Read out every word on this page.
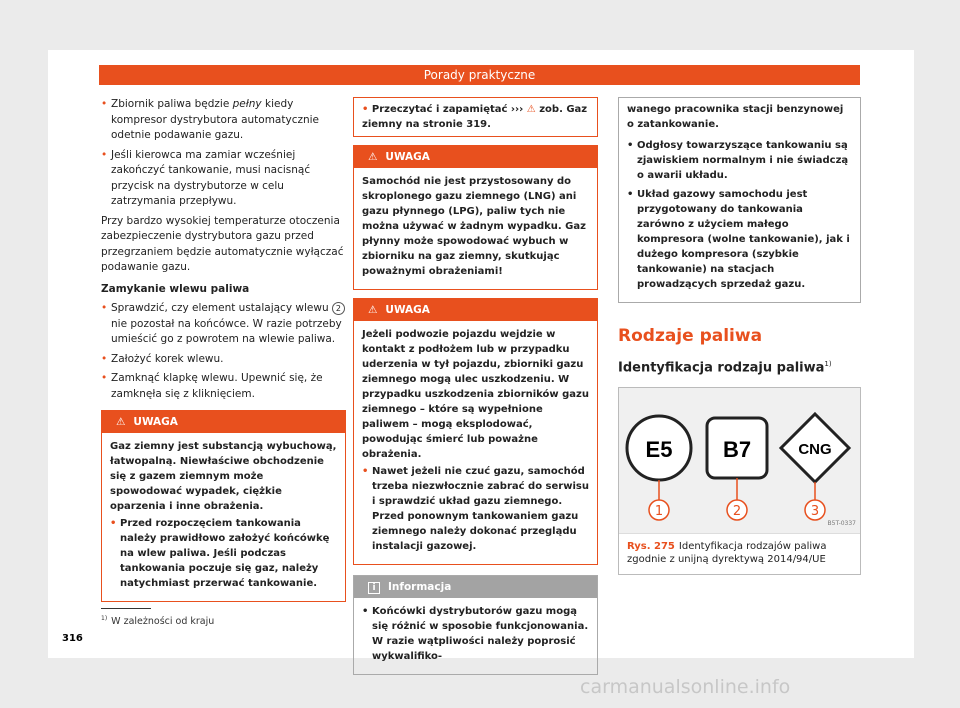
Porady praktyczne

• Zbiornik paliwa będzie pełny kiedy kompresor dystrybutora automatycznie odetnie podawanie gazu.

• Jeśli kierowca ma zamiar wcześniej zakończyć tankowanie, musi nacisnąć przycisk na dystrybutorze w celu zatrzymania przepływu.

Przy bardzo wysokiej temperaturze otoczenia zabezpieczenie dystrybutora gazu przed przegrzaniem będzie automatycznie wyłączać podawanie gazu.

Zamykanie wlewu paliwa

• Sprawdzić, czy element ustalający wlewu 2 nie pozostał na końcówce. W razie potrzeby umieścić go z powrotem na wlewie paliwa.

• Założyć korek wlewu.

• Zamknąć klapkę wlewu. Upewnić się, że zamknęła się z kliknięciem.

⚠ UWAGA

Gaz ziemny jest substancją wybuchową, łatwopalną. Niewłaściwe obchodzenie się z gazem ziemnym może spowodować wypadek, ciężkie oparzenia i inne obrażenia.

• Przed rozpoczęciem tankowania należy prawidłowo założyć końcówkę na wlew paliwa. Jeśli podczas tankowania poczuje się gaz, należy natychmiast przerwać tankowanie.

• Przeczytać i zapamiętać ››› ⚠ zob. Gaz ziemny na stronie 319.
⚠ UWAGA

Samochód nie jest przystosowany do skroplonego gazu ziemnego (LNG) ani gazu płynnego (LPG), paliw tych nie można używać w żadnym wypadku. Gaz płynny może spowodować wybuch w zbiorniku na gaz ziemny, skutkując poważnymi obrażeniami!

⚠ UWAGA

Jeżeli podwozie pojazdu wejdzie w kontakt z podłożem lub w przypadku uderzenia w tył pojazdu, zbiorniki gazu ziemnego mogą ulec uszkodzeniu. W przypadku uszkodzenia zbiorników gazu ziemnego – które są wypełnione paliwem – mogą eksplodować, powodując śmierć lub poważne obrażenia.

• Nawet jeżeli nie czuć gazu, samochód trzeba niezwłocznie zabrać do serwisu i sprawdzić układ gazu ziemnego. Przed ponownym tankowaniem gazu ziemnego należy dokonać przeglądu instalacji gazowej.

i Informacja

• Końcówki dystrybutorów gazu mogą się różnić w sposobie funkcjonowania. W razie wątpliwości należy poprosić wykwalifiko-

wanego pracownika stacji benzynowej o zatankowanie.

• Odgłosy towarzyszące tankowaniu są zjawiskiem normalnym i nie świadczą o awarii układu.

• Układ gazowy samochodu jest przygotowany do tankowania zarówno z użyciem małego kompresora (wolne tankowanie), jak i dużego kompresora (szybkie tankowanie) na stacjach prowadzących sprzedaż gazu.

Rodzaje paliwa
Identyfikacja rodzaju paliwa$^{1)}$
E5 B7	CNG
1	2	3
B5T-0337
Rys. 275 Identyfikacja rodzajów paliwa zgodnie z unijną dyrektywą 2014/94/UE
$^{1)}$ W zależności od kraju
316
carmanualsonline.info
